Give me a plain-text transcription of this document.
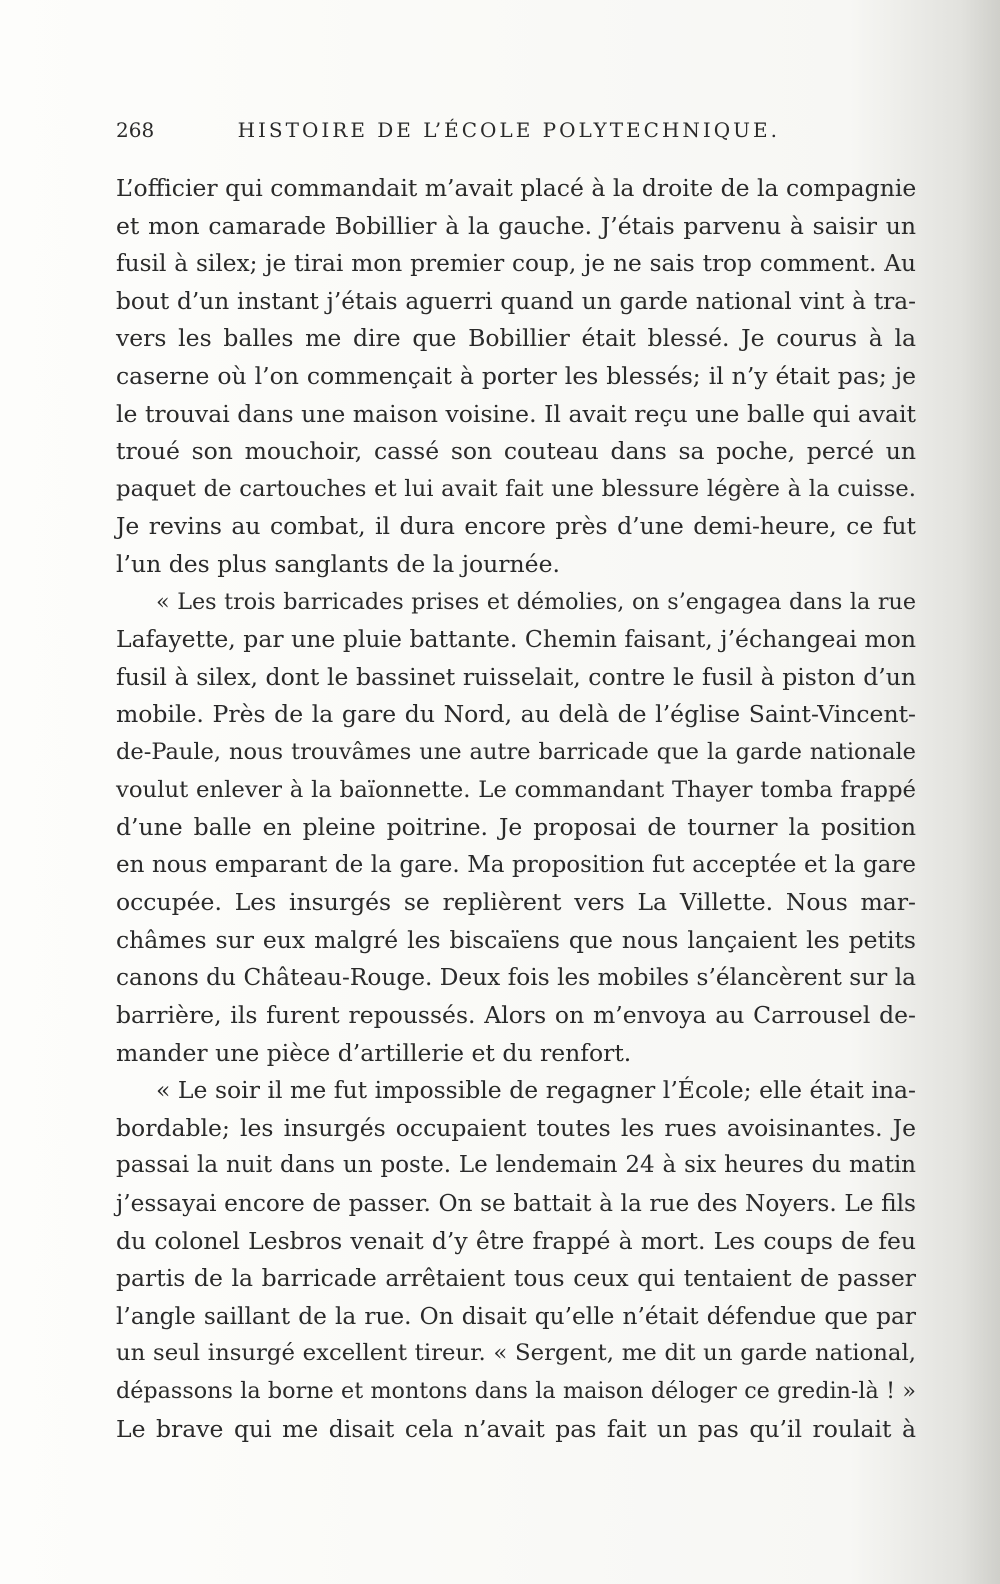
268	HISTOIRE DE L’ÉCOLE POLYTECHNIQUE.
L’officier qui commandait m’avait placé à la droite de la compagnie
et mon camarade Bobillier à la gauche. J’étais parvenu à saisir un
fusil à silex; je tirai mon premier coup, je ne sais trop comment. Au
bout d’un instant j’étais aguerri quand un garde national vint à tra-
vers les balles me dire que Bobillier était blessé. Je courus à la
caserne où l’on commençait à porter les blessés; il n’y était pas; je
le trouvai dans une maison voisine. Il avait reçu une balle qui avait
troué son mouchoir, cassé son couteau dans sa poche, percé un
paquet de cartouches et lui avait fait une blessure légère à la cuisse.
Je revins au combat, il dura encore près d’une demi-heure, ce fut
l’un des plus sanglants de la journée.
« Les trois barricades prises et démolies, on s’engagea dans la rue
Lafayette, par une pluie battante. Chemin faisant, j’échangeai mon
fusil à silex, dont le bassinet ruisselait, contre le fusil à piston d’un
mobile. Près de la gare du Nord, au delà de l’église Saint-Vincent-
de-Paule, nous trouvâmes une autre barricade que la garde nationale
voulut enlever à la baïonnette. Le commandant Thayer tomba frappé
d’une balle en pleine poitrine. Je proposai de tourner la position
en nous emparant de la gare. Ma proposition fut acceptée et la gare
occupée. Les insurgés se replièrent vers La Villette. Nous mar-
châmes sur eux malgré les biscaïens que nous lançaient les petits
canons du Château-Rouge. Deux fois les mobiles s’élancèrent sur la
barrière, ils furent repoussés. Alors on m’envoya au Carrousel de-
mander une pièce d’artillerie et du renfort.
« Le soir il me fut impossible de regagner l’École; elle était ina-
bordable; les insurgés occupaient toutes les rues avoisinantes. Je
passai la nuit dans un poste. Le lendemain 24 à six heures du matin
j’essayai encore de passer. On se battait à la rue des Noyers. Le fils
du colonel Lesbros venait d’y être frappé à mort. Les coups de feu
partis de la barricade arrêtaient tous ceux qui tentaient de passer
l’angle saillant de la rue. On disait qu’elle n’était défendue que par
un seul insurgé excellent tireur. « Sergent, me dit un garde national,
dépassons la borne et montons dans la maison déloger ce gredin-là ! »
Le brave qui me disait cela n’avait pas fait un pas qu’il roulait à
